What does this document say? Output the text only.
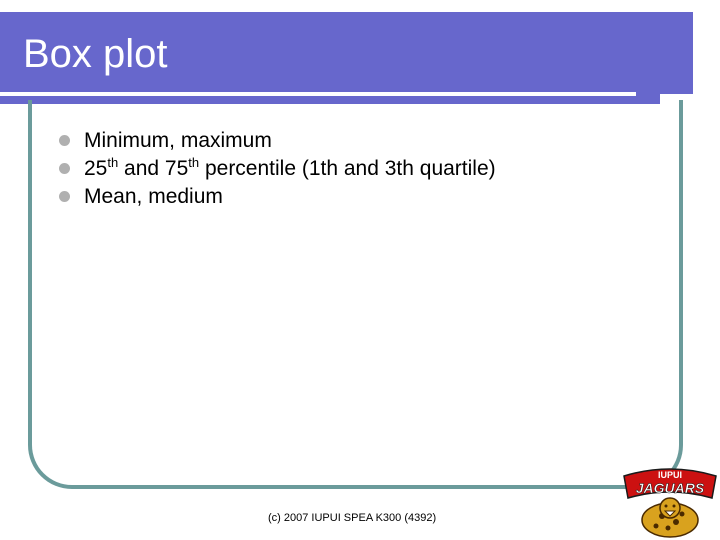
Box plot
Minimum, maximum
25th and 75th percentile (1th and 3th quartile)
Mean, medium
(c) 2007 IUPUI SPEA K300 (4392)
IUPUI
JAGUARS
